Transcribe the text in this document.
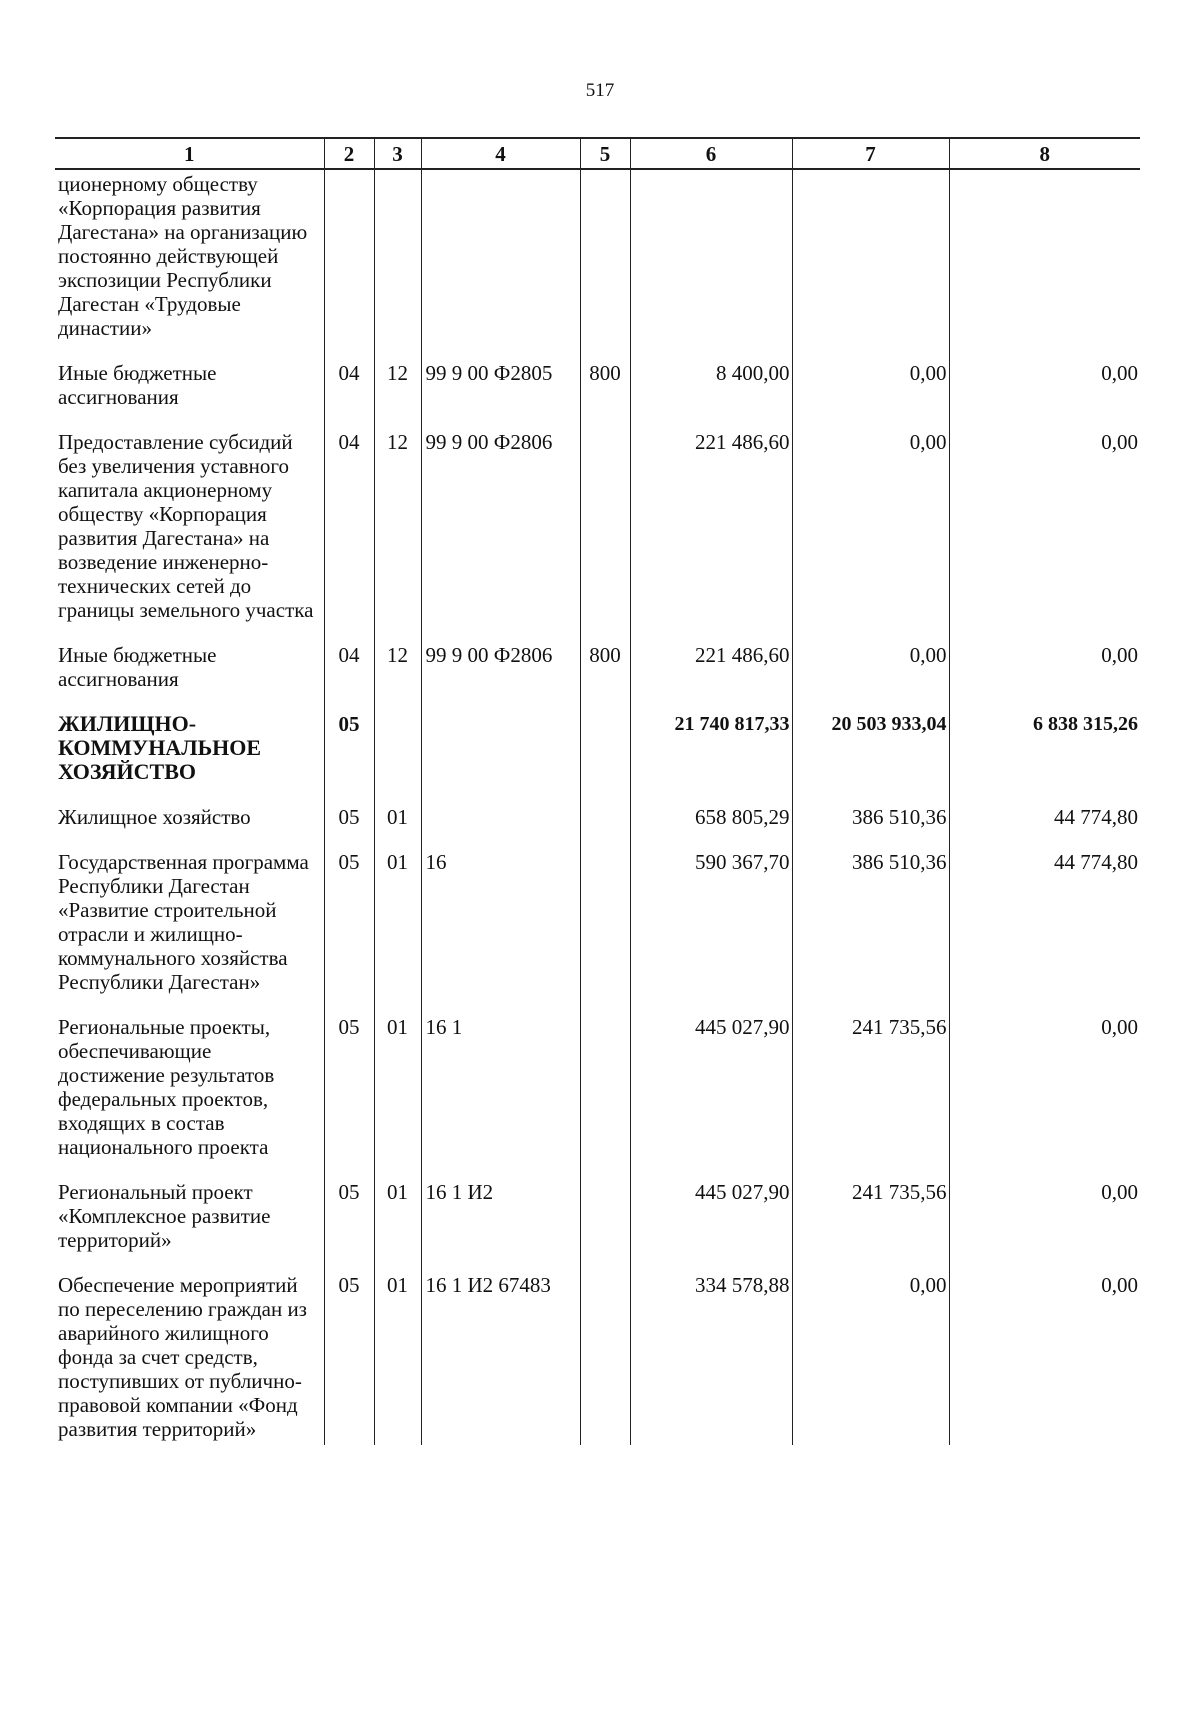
517
1	2	3	4	5	6	7	8
ционерному обществу «Корпорация развития Дагестана» на организацию постоянно действующей экспозиции Республики Дагестан «Трудовые династии»							
Иные бюджетные ассигнования	04	12	99 9 00 Ф2805	800	8 400,00	0,00	0,00
Предоставление субсидий без увеличения уставного капитала акционерному обществу «Корпорация развития Дагестана» на возведение инженерно-технических сетей до границы земельного участка	04	12	99 9 00 Ф2806		221 486,60	0,00	0,00
Иные бюджетные ассигнования	04	12	99 9 00 Ф2806	800	221 486,60	0,00	0,00
ЖИЛИЩНО-КОММУНАЛЬНОЕ ХОЗЯЙСТВО	05				21 740 817,33	20 503 933,04	6 838 315,26
Жилищное хозяйство	05	01			658 805,29	386 510,36	44 774,80
Государственная программа Республики Дагестан «Развитие строительной отрасли и жилищно-коммунального хозяйства Республики Дагестан»	05	01	16		590 367,70	386 510,36	44 774,80
Региональные проекты, обеспечивающие достижение результатов федеральных проектов, входящих в состав национального проекта	05	01	16 1		445 027,90	241 735,56	0,00
Региональный проект «Комплексное развитие территорий»	05	01	16 1 И2		445 027,90	241 735,56	0,00
Обеспечение мероприятий по переселению граждан из аварийного жилищного фонда за счет средств, поступивших от публично-правовой компании «Фонд развития территорий»	05	01	16 1 И2 67483		334 578,88	0,00	0,00
